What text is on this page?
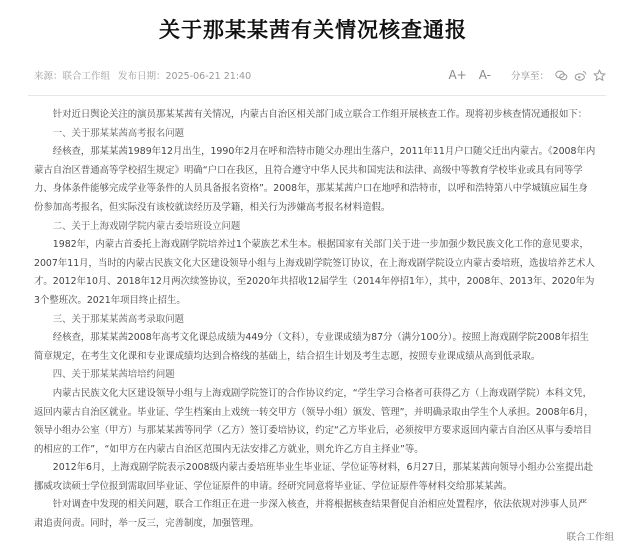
关于那某某茜有关情况核查通报
来源：联合工作组 发布日期：2025-06-21 21:40	A+ A- 分享至：

针对近日舆论关注的演员那某某茜有关情况，内蒙古自治区相关部门成立联合工作组开展核查工作。现将初步核查情况通报如下：

一、关于那某某茜高考报名问题

经核查，那某某茜1989年12月出生，1990年2月在呼和浩特市随父办理出生落户，2011年11月户口随父迁出内蒙古。《2008年内蒙古自治区普通高等学校招生规定》明确“户口在我区，且符合遵守中华人民共和国宪法和法律、高级中等教育学校毕业或具有同等学力、身体条件能够完成学业等条件的人员具备报名资格”。2008年，那某某茜户口在地呼和浩特市，以呼和浩特第八中学城镇应届生身份参加高考报名，但实际没有该校就读经历及学籍，相关行为涉嫌高考报名材料造假。

二、关于上海戏剧学院内蒙古委培班设立问题

1982年，内蒙古首委托上海戏剧学院培养过1个蒙族艺术生本。根据国家有关部门关于进一步加强少数民族文化工作的意见要求，2007年11月，当时的内蒙古民族文化大区建设领导小组与上海戏剧学院签订协议，在上海戏剧学院设立内蒙古委培班，选拔培养艺术人才。2012年10月、2018年12月两次续签协议，至2020年共招收12届学生（2014年停招1年），其中，2008年、2013年、2020年为3个整班次。2021年项目终止招生。

三、关于那某某茜高考录取问题

经核查，那某某茜2008年高考文化课总成绩为449分（文科），专业课成绩为87分（满分100分）。按照上海戏剧学院2008年招生简章规定，在考生文化课和专业课成绩均达到合格线的基础上，结合招生计划及考生志愿，按照专业课成绩从高到低录取。

四、关于那某某茜培培约问题

内蒙古民族文化大区建设领导小组与上海戏剧学院签订的合作协议约定，“学生学习合格者可获得乙方（上海戏剧学院）本科文凭，返回内蒙古自治区就业。毕业证、学生档案由上戏统一转交甲方（领导小组）颁发、管理”，并明确录取由学生个人承担。2008年6月，领导小组办公室（甲方）与那某某茜等同学（乙方）签订委培协议，约定“乙方毕业后，必须按甲方要求返回内蒙古自治区从事与委培目的相应的工作”，“如甲方在内蒙古自治区范围内无法安排乙方就业，则允许乙方自主择业”等。

2012年6月，上海戏剧学院表示2008级内蒙古委培班毕业生毕业证、学位证等材料，6月27日，那某某茜向领导小组办公室提出赴挪威攻读硕士学位报到需取回毕业证、学位证原件的申请。经研究同意将毕业证、学位证原件等材料交给那某某茜。

针对调查中发现的相关问题，联合工作组正在进一步深入核查，并将根据核查结果督促自治相应处置程序，依法依规对涉事人员严肃追责问责。同时，举一反三，完善制度，加强管理。

联合工作组
